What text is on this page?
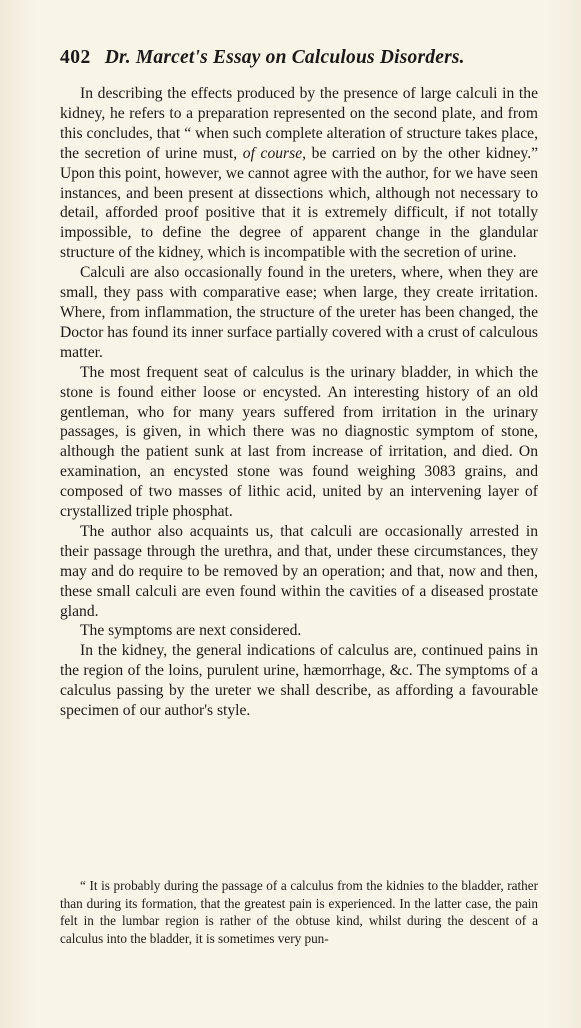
402 Dr. Marcet's Essay on Calculous Disorders.

In describing the effects produced by the presence of large calculi in the kidney, he refers to a preparation represented on the second plate, and from this concludes, that “ when such complete alteration of structure takes place, the secretion of urine must, of course, be carried on by the other kidney.” Upon this point, however, we cannot agree with the author, for we have seen instances, and been present at dissections which, although not necessary to detail, afforded proof positive that it is extremely difficult, if not totally impossible, to define the degree of apparent change in the glandular structure of the kidney, which is incompatible with the secretion of urine.

Calculi are also occasionally found in the ureters, where, when they are small, they pass with comparative ease; when large, they create irritation. Where, from inflammation, the structure of the ureter has been changed, the Doctor has found its inner surface partially covered with a crust of calculous matter.

The most frequent seat of calculus is the urinary bladder, in which the stone is found either loose or encysted. An interesting history of an old gentleman, who for many years suffered from irritation in the urinary passages, is given, in which there was no diagnostic symptom of stone, although the patient sunk at last from increase of irritation, and died. On examination, an encysted stone was found weighing 3083 grains, and composed of two masses of lithic acid, united by an intervening layer of crystallized triple phosphat.

The author also acquaints us, that calculi are occasionally arrested in their passage through the urethra, and that, under these circumstances, they may and do require to be removed by an operation; and that, now and then, these small calculi are even found within the cavities of a diseased prostate gland.

The symptoms are next considered.

In the kidney, the general indications of calculus are, continued pains in the region of the loins, purulent urine, hæmorrhage, &c. The symptoms of a calculus passing by the ureter we shall describe, as affording a favourable specimen of our author's style.

“ It is probably during the passage of a calculus from the kidnies to the bladder, rather than during its formation, that the greatest pain is experienced. In the latter case, the pain felt in the lumbar region is rather of the obtuse kind, whilst during the descent of a calculus into the bladder, it is sometimes very pun-
